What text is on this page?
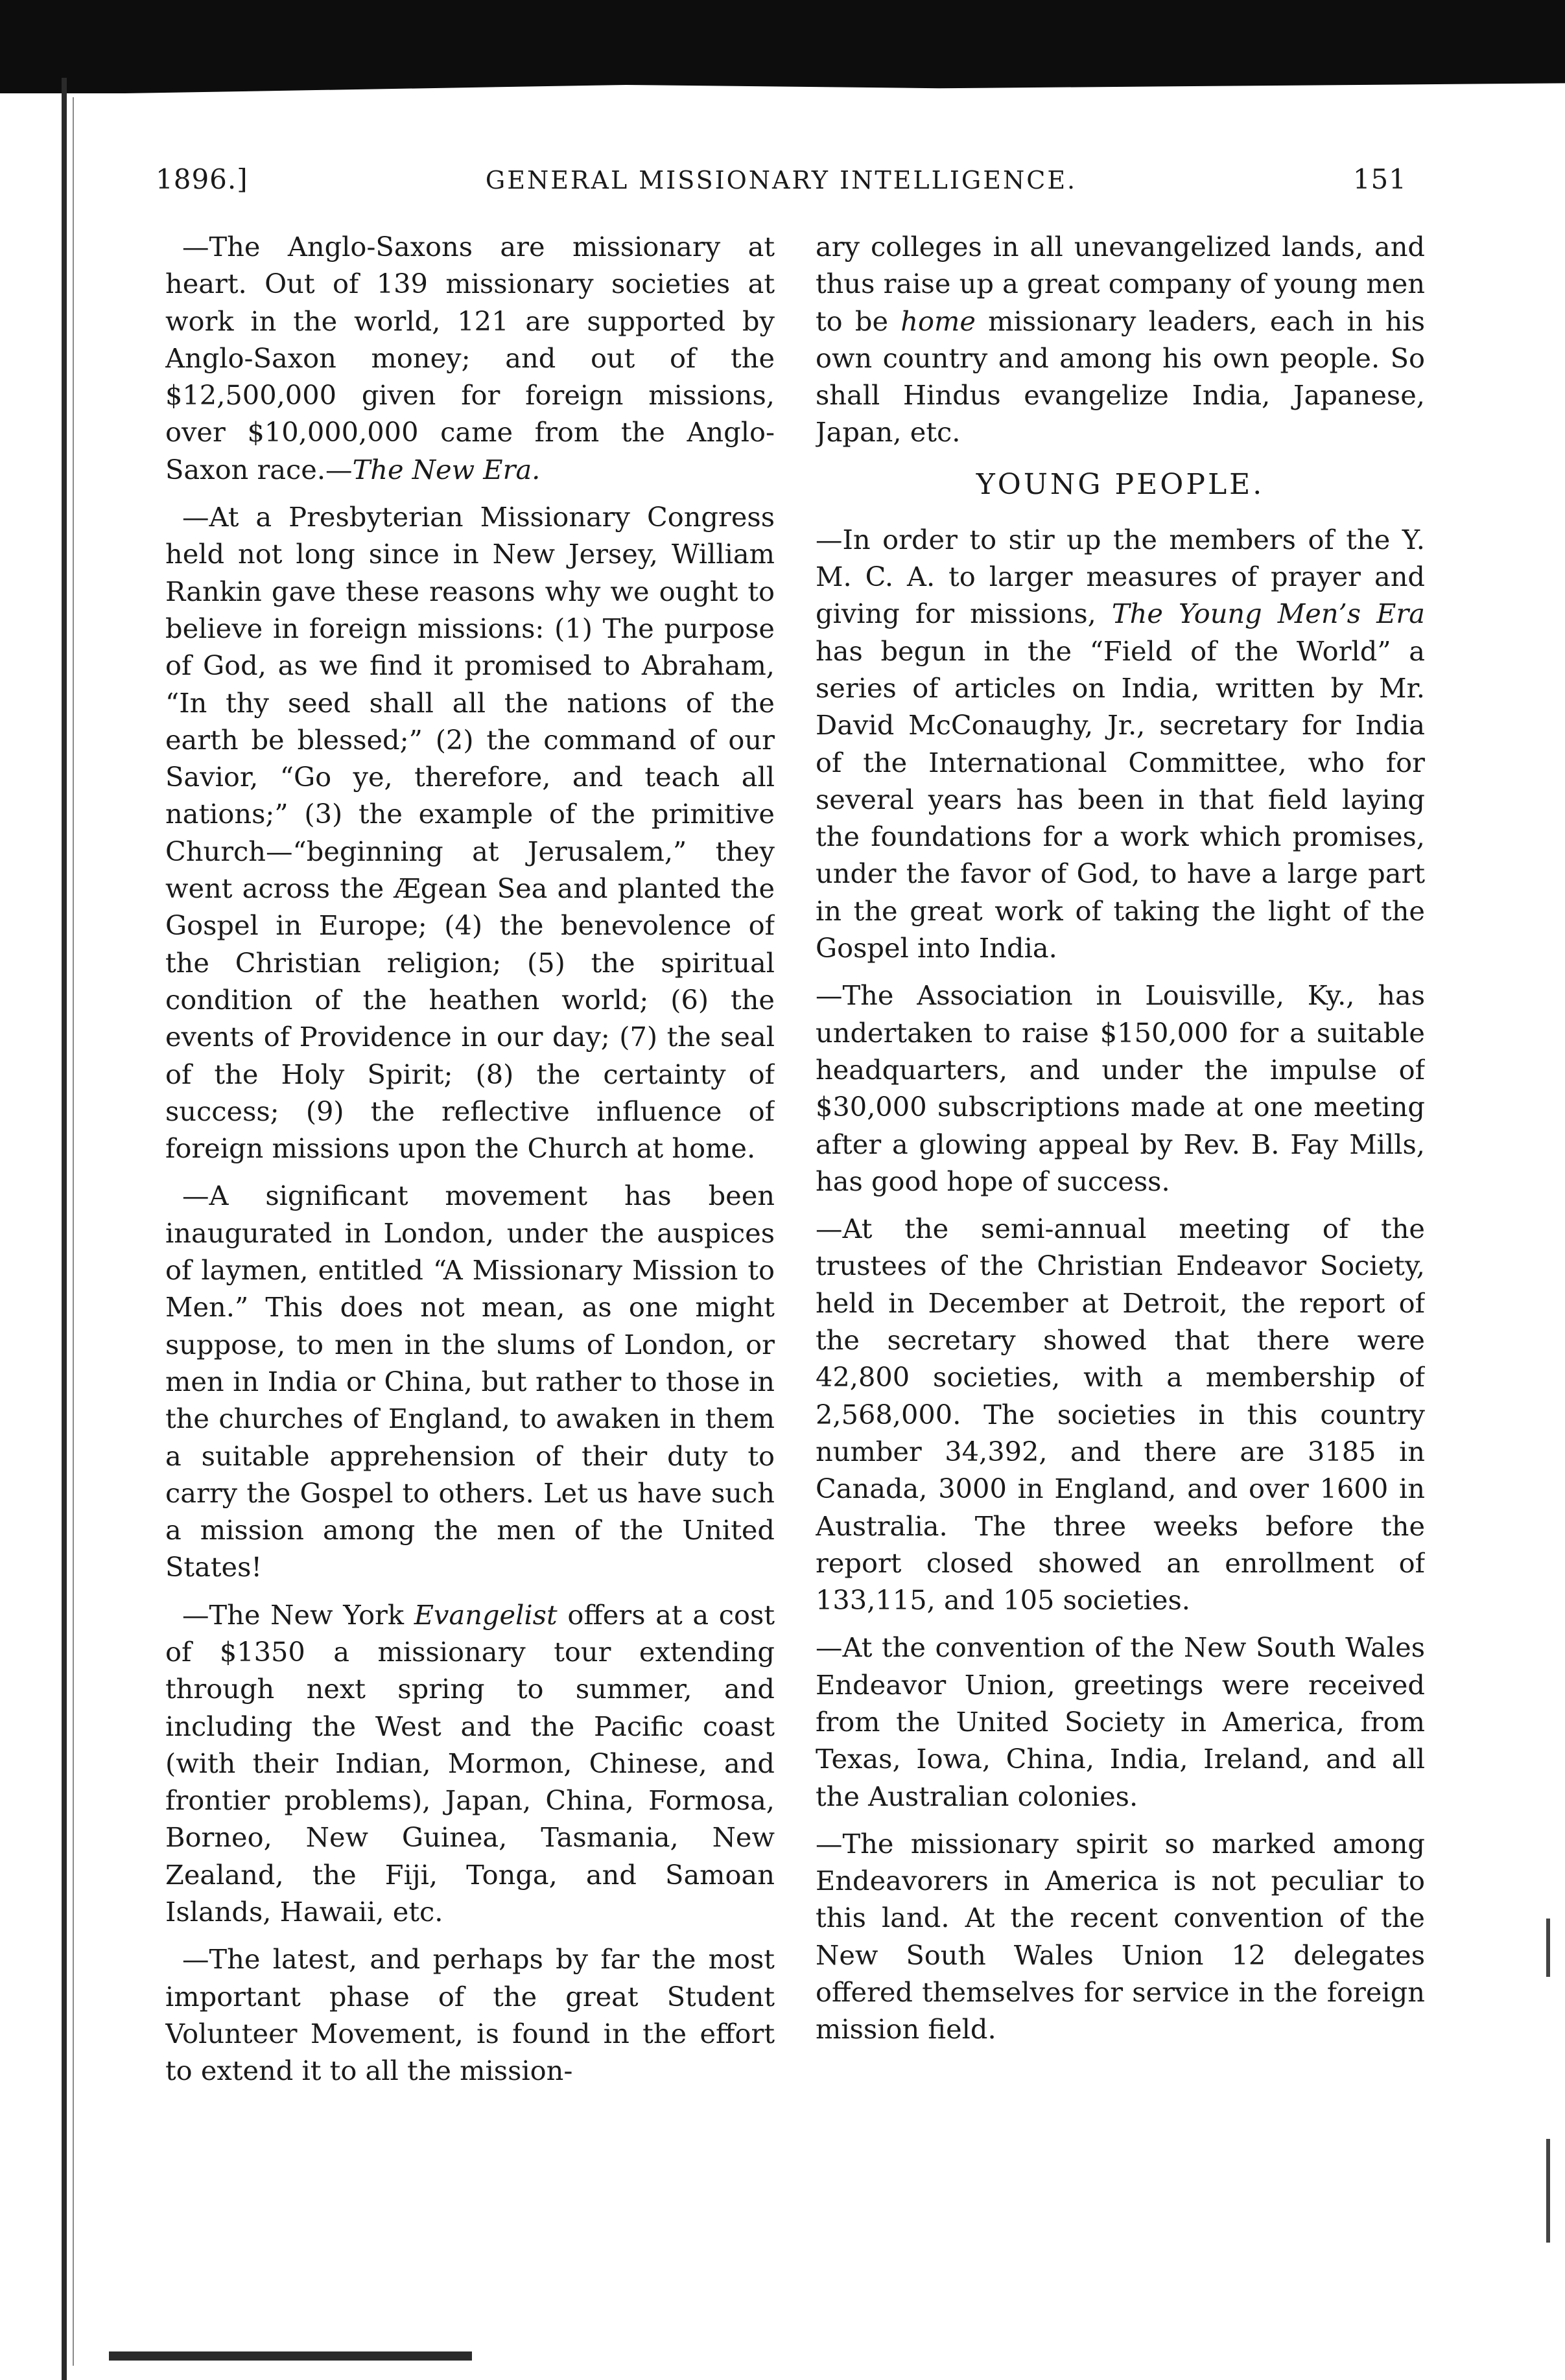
1896.]	GENERAL MISSIONARY INTELLIGENCE.	151

—The Anglo-Saxons are missionary at heart. Out of 139 missionary societies at work in the world, 121 are supported by Anglo-Saxon money; and out of the $12,500,000 given for foreign missions, over $10,000,000 came from the Anglo-Saxon race.—The New Era.

—At a Presbyterian Missionary Congress held not long since in New Jersey, William Rankin gave these reasons why we ought to believe in foreign missions: (1) The purpose of God, as we find it promised to Abraham, “In thy seed shall all the nations of the earth be blessed;” (2) the command of our Savior, “Go ye, therefore, and teach all nations;” (3) the example of the primitive Church—“beginning at Jerusalem,” they went across the Ægean Sea and planted the Gospel in Europe; (4) the benevolence of the Christian religion; (5) the spiritual condition of the heathen world; (6) the events of Providence in our day; (7) the seal of the Holy Spirit; (8) the certainty of success; (9) the reflective influence of foreign missions upon the Church at home.

—A significant movement has been inaugurated in London, under the auspices of laymen, entitled “A Missionary Mission to Men.” This does not mean, as one might suppose, to men in the slums of London, or men in India or China, but rather to those in the churches of England, to awaken in them a suitable apprehension of their duty to carry the Gospel to others. Let us have such a mission among the men of the United States!

—The New York Evangelist offers at a cost of $1350 a missionary tour extending through next spring to summer, and including the West and the Pacific coast (with their Indian, Mormon, Chinese, and frontier problems), Japan, China, Formosa, Borneo, New Guinea, Tasmania, New Zealand, the Fiji, Tonga, and Samoan Islands, Hawaii, etc.

—The latest, and perhaps by far the most important phase of the great Student Volunteer Movement, is found in the effort to extend it to all the mission-

ary colleges in all unevangelized lands, and thus raise up a great company of young men to be home missionary leaders, each in his own country and among his own people. So shall Hindus evangelize India, Japanese, Japan, etc.

YOUNG PEOPLE.

—In order to stir up the members of the Y. M. C. A. to larger measures of prayer and giving for missions, The Young Men’s Era has begun in the “Field of the World” a series of articles on India, written by Mr. David McConaughy, Jr., secretary for India of the International Committee, who for several years has been in that field laying the foundations for a work which promises, under the favor of God, to have a large part in the great work of taking the light of the Gospel into India.

—The Association in Louisville, Ky., has undertaken to raise $150,000 for a suitable headquarters, and under the impulse of $30,000 subscriptions made at one meeting after a glowing appeal by Rev. B. Fay Mills, has good hope of success.

—At the semi-annual meeting of the trustees of the Christian Endeavor Society, held in December at Detroit, the report of the secretary showed that there were 42,800 societies, with a membership of 2,568,000. The societies in this country number 34,392, and there are 3185 in Canada, 3000 in England, and over 1600 in Australia. The three weeks before the report closed showed an enrollment of 133,115, and 105 societies.

—At the convention of the New South Wales Endeavor Union, greetings were received from the United Society in America, from Texas, Iowa, China, India, Ireland, and all the Australian colonies.

—The missionary spirit so marked among Endeavorers in America is not peculiar to this land. At the recent convention of the New South Wales Union 12 delegates offered themselves for service in the foreign mission field.
